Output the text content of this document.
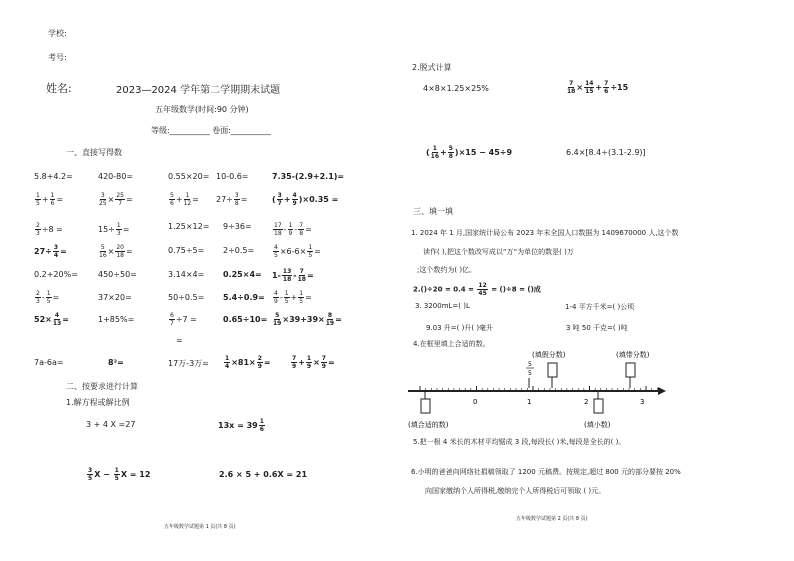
学校:
考号:
姓名:	2023—2024 学年第二学期期末试题
五年级数学(时间:90 分钟)
等级:__________ 卷面:__________
一、直接写得数
5.8+4.2=	420-80=	0.55×20= 10-0.6=	7.35-(2.9+2.1)=
$\frac{1}{5} + \frac{1}{6}$ =	$\frac{3}{25} \times \frac{25}{7}$ =	$\frac{5}{6} + \frac{1}{12} = 27\div \frac{3}{8}$ =	( $\frac{3}{7} + \frac{4}{9} )\times 0.35$ =
$\frac{2}{3} \div 8$ =	$15\div \frac{1}{3}$ =	1.25×12= 9÷36=	$\frac{17}{18} - \frac{1}{9} - \frac{7}{8}$ =
$27\div \frac{3}{4}$ =	$\frac{5}{16} \times \frac{20}{18}$ =	0.75÷5= 2÷0.5=	$\frac{4}{5} \times 6-6\times \frac{1}{5}$ =
0.2+20%=	450÷50=	$3.14\times 4= 0.25\times 4= 1- \frac{13}{18} - \frac{7}{18}$ =
$\frac{2}{3} - \frac{1}{5}$ =	37×20=	$50\div 0.5= 5.4\div 0.9= \frac{4}{9} - \frac{1}{5} + \frac{1}{5}$ =
$52\times \frac{4}{13}$ =	1+85%=	$\frac{6}{7} \div 7$ =	$0.65\div 10= \frac{5}{19} \times 39+39\times \frac{8}{19}$ =
=
7a-6a=	8²=	17万-3万=	$\frac{1}{4} \times 81\times \frac{2}{9}$ =	$\frac{7}{9} + \frac{1}{9} \times \frac{7}{9}$ =
二、按要求进行计算
1.解方程或解比例
3 + 4 X =27	$13x = 39 \frac{1}{6}$
$\frac{3}{5}$ $X - \frac{1}{5}$ X = 12	2.6 × 5 + 0.6X = 21
五年级数学试题第 1 页(共 8 页)
2.脱式计算
4×8×1.25×25%	$\frac{7}{18} \times \frac{14}{15} + \frac{7}{6} \div 15$
( $\frac{1}{16} + \frac{5}{8} )\times 15 - 45\div 9$	6.4×[8.4÷(3.1-2.9)]
三、填一填
1. 2024 年 1 月,国家统计局公布 2023 年末全国人口数据为 1409670000 人,这个数
读作( ),把这个数改写成以“万”为单位的数是( )万
;这个数约为( )亿。
$2.()\div 20 = 0.4 = \frac{12}{45} = ()\div 8$ = ()成
3. 3200mL=( )L	1-4 平方千米=( )公顷
9.03 升=( )升( )毫升	3 吨 50 千克=( )吨
4.在框里填上合适的数。
(填假分数)	(填带分数)
5
5
0	1	2	3
(填合适的数)	(填小数)
5.把一根 4 米长的木材平均锯成 3 段,每段长( )米,每段是全长的( )。
6.小明的爸爸向网络社捐稿领取了 1200 元稿费。按规定,超过 800 元的部分要按 20%
向国家缴纳个人所得税,缴纳完个人所得税后可领取 ( )元。
五年级数学试题第 2 页(共 8 页)
